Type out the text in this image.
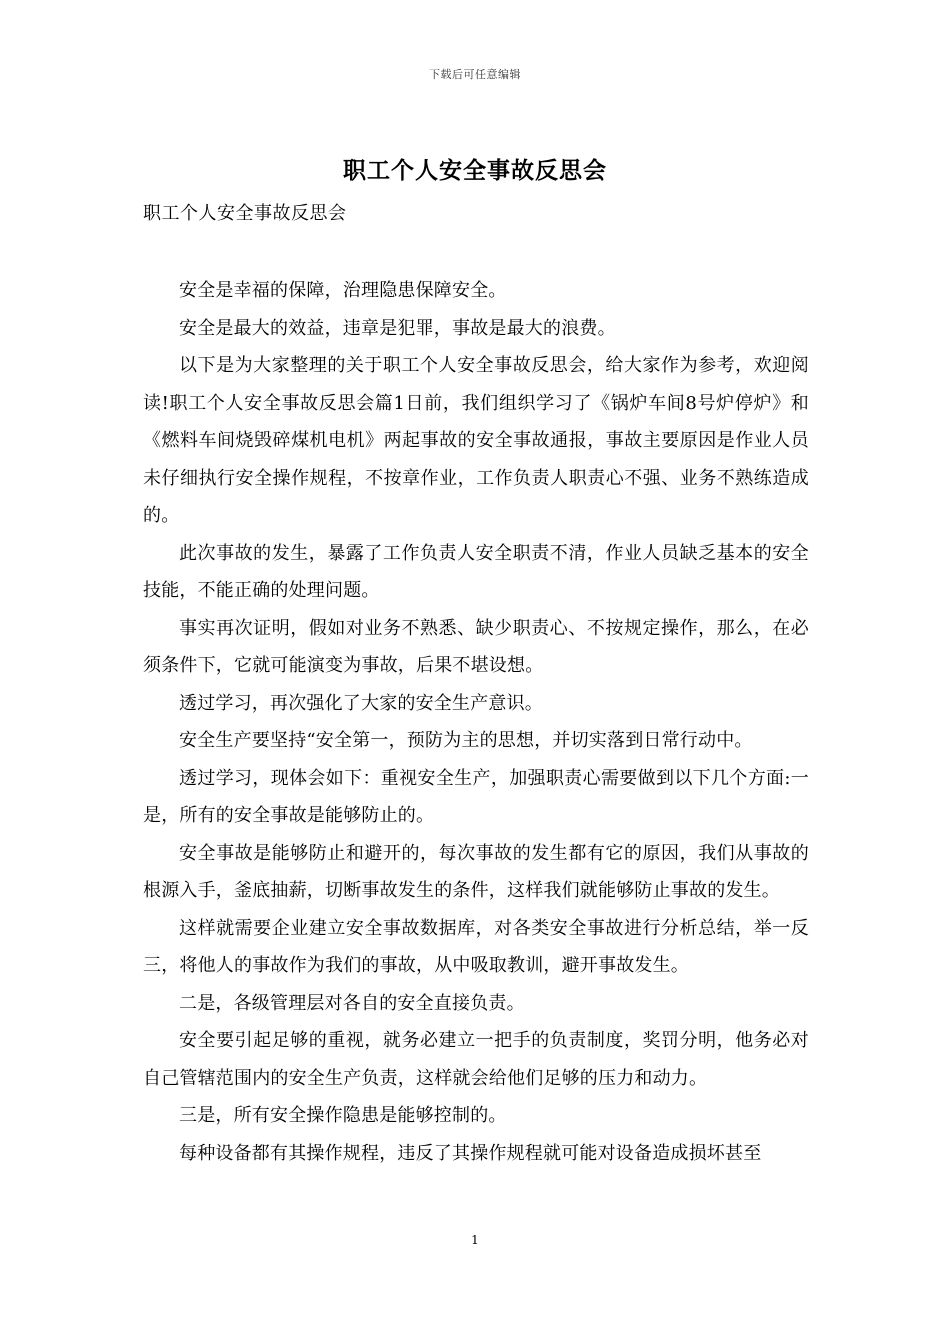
下载后可任意编辑
职工个人安全事故反思会
职工个人安全事故反思会

安全是幸福的保障，治理隐患保障安全。

安全是最大的效益，违章是犯罪，事故是最大的浪费。

以下是为大家整理的关于职工个人安全事故反思会，给大家作为参考，欢迎阅读!职工个人安全事故反思会篇1日前，我们组织学习了《锅炉车间8号炉停炉》和《燃料车间烧毁碎煤机电机》两起事故的安全事故通报，事故主要原因是作业人员未仔细执行安全操作规程，不按章作业，工作负责人职责心不强、业务不熟练造成的。

此次事故的发生，暴露了工作负责人安全职责不清，作业人员缺乏基本的安全技能，不能正确的处理问题。

事实再次证明，假如对业务不熟悉、缺少职责心、不按规定操作，那么，在必须条件下，它就可能演变为事故，后果不堪设想。

透过学习，再次强化了大家的安全生产意识。

安全生产要坚持“安全第一，预防为主的思想，并切实落到日常行动中。

透过学习，现体会如下：重视安全生产，加强职责心需要做到以下几个方面:一是，所有的安全事故是能够防止的。

安全事故是能够防止和避开的，每次事故的发生都有它的原因，我们从事故的根源入手，釜底抽薪，切断事故发生的条件，这样我们就能够防止事故的发生。

这样就需要企业建立安全事故数据库，对各类安全事故进行分析总结，举一反三，将他人的事故作为我们的事故，从中吸取教训，避开事故发生。

二是，各级管理层对各自的安全直接负责。

安全要引起足够的重视，就务必建立一把手的负责制度，奖罚分明，他务必对自己管辖范围内的安全生产负责，这样就会给他们足够的压力和动力。

三是，所有安全操作隐患是能够控制的。

每种设备都有其操作规程，违反了其操作规程就可能对设备造成损坏甚至

1
